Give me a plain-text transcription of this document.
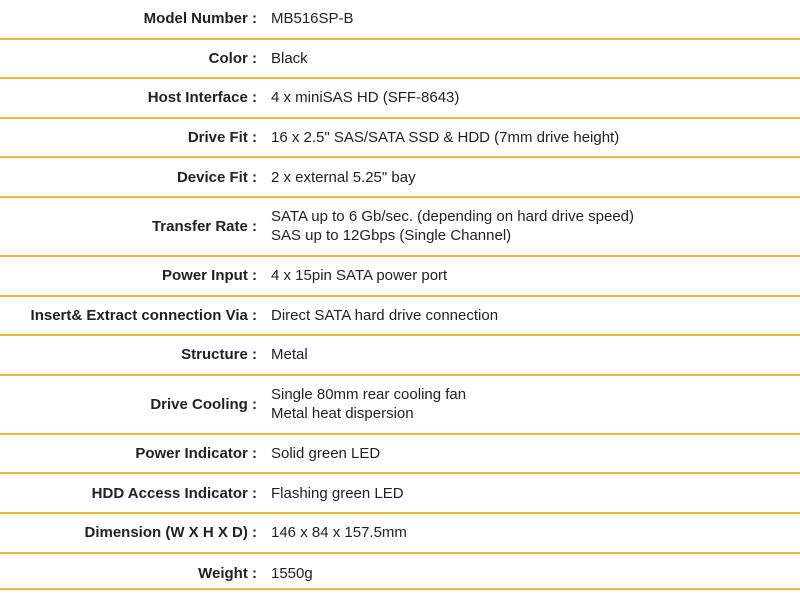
Model Number : MB516SP-B
Color : Black
Host Interface : 4 x miniSAS HD (SFF-8643)
Drive Fit : 16 x 2.5" SAS/SATA SSD & HDD (7mm drive height)
Device Fit : 2 x external 5.25" bay
Transfer Rate :
SATA up to 6 Gb/sec. (depending on hard drive speed)
SAS up to 12Gbps (Single Channel)
Power Input : 4 x 15pin SATA power port
Insert& Extract connection Via : Direct SATA hard drive connection
Structure : Metal
Drive Cooling :
Single 80mm rear cooling fan
Metal heat dispersion
Power Indicator : Solid green LED
HDD Access Indicator : Flashing green LED
Dimension (W X H X D) : 146 x 84 x 157.5mm
Weight : 1550g
